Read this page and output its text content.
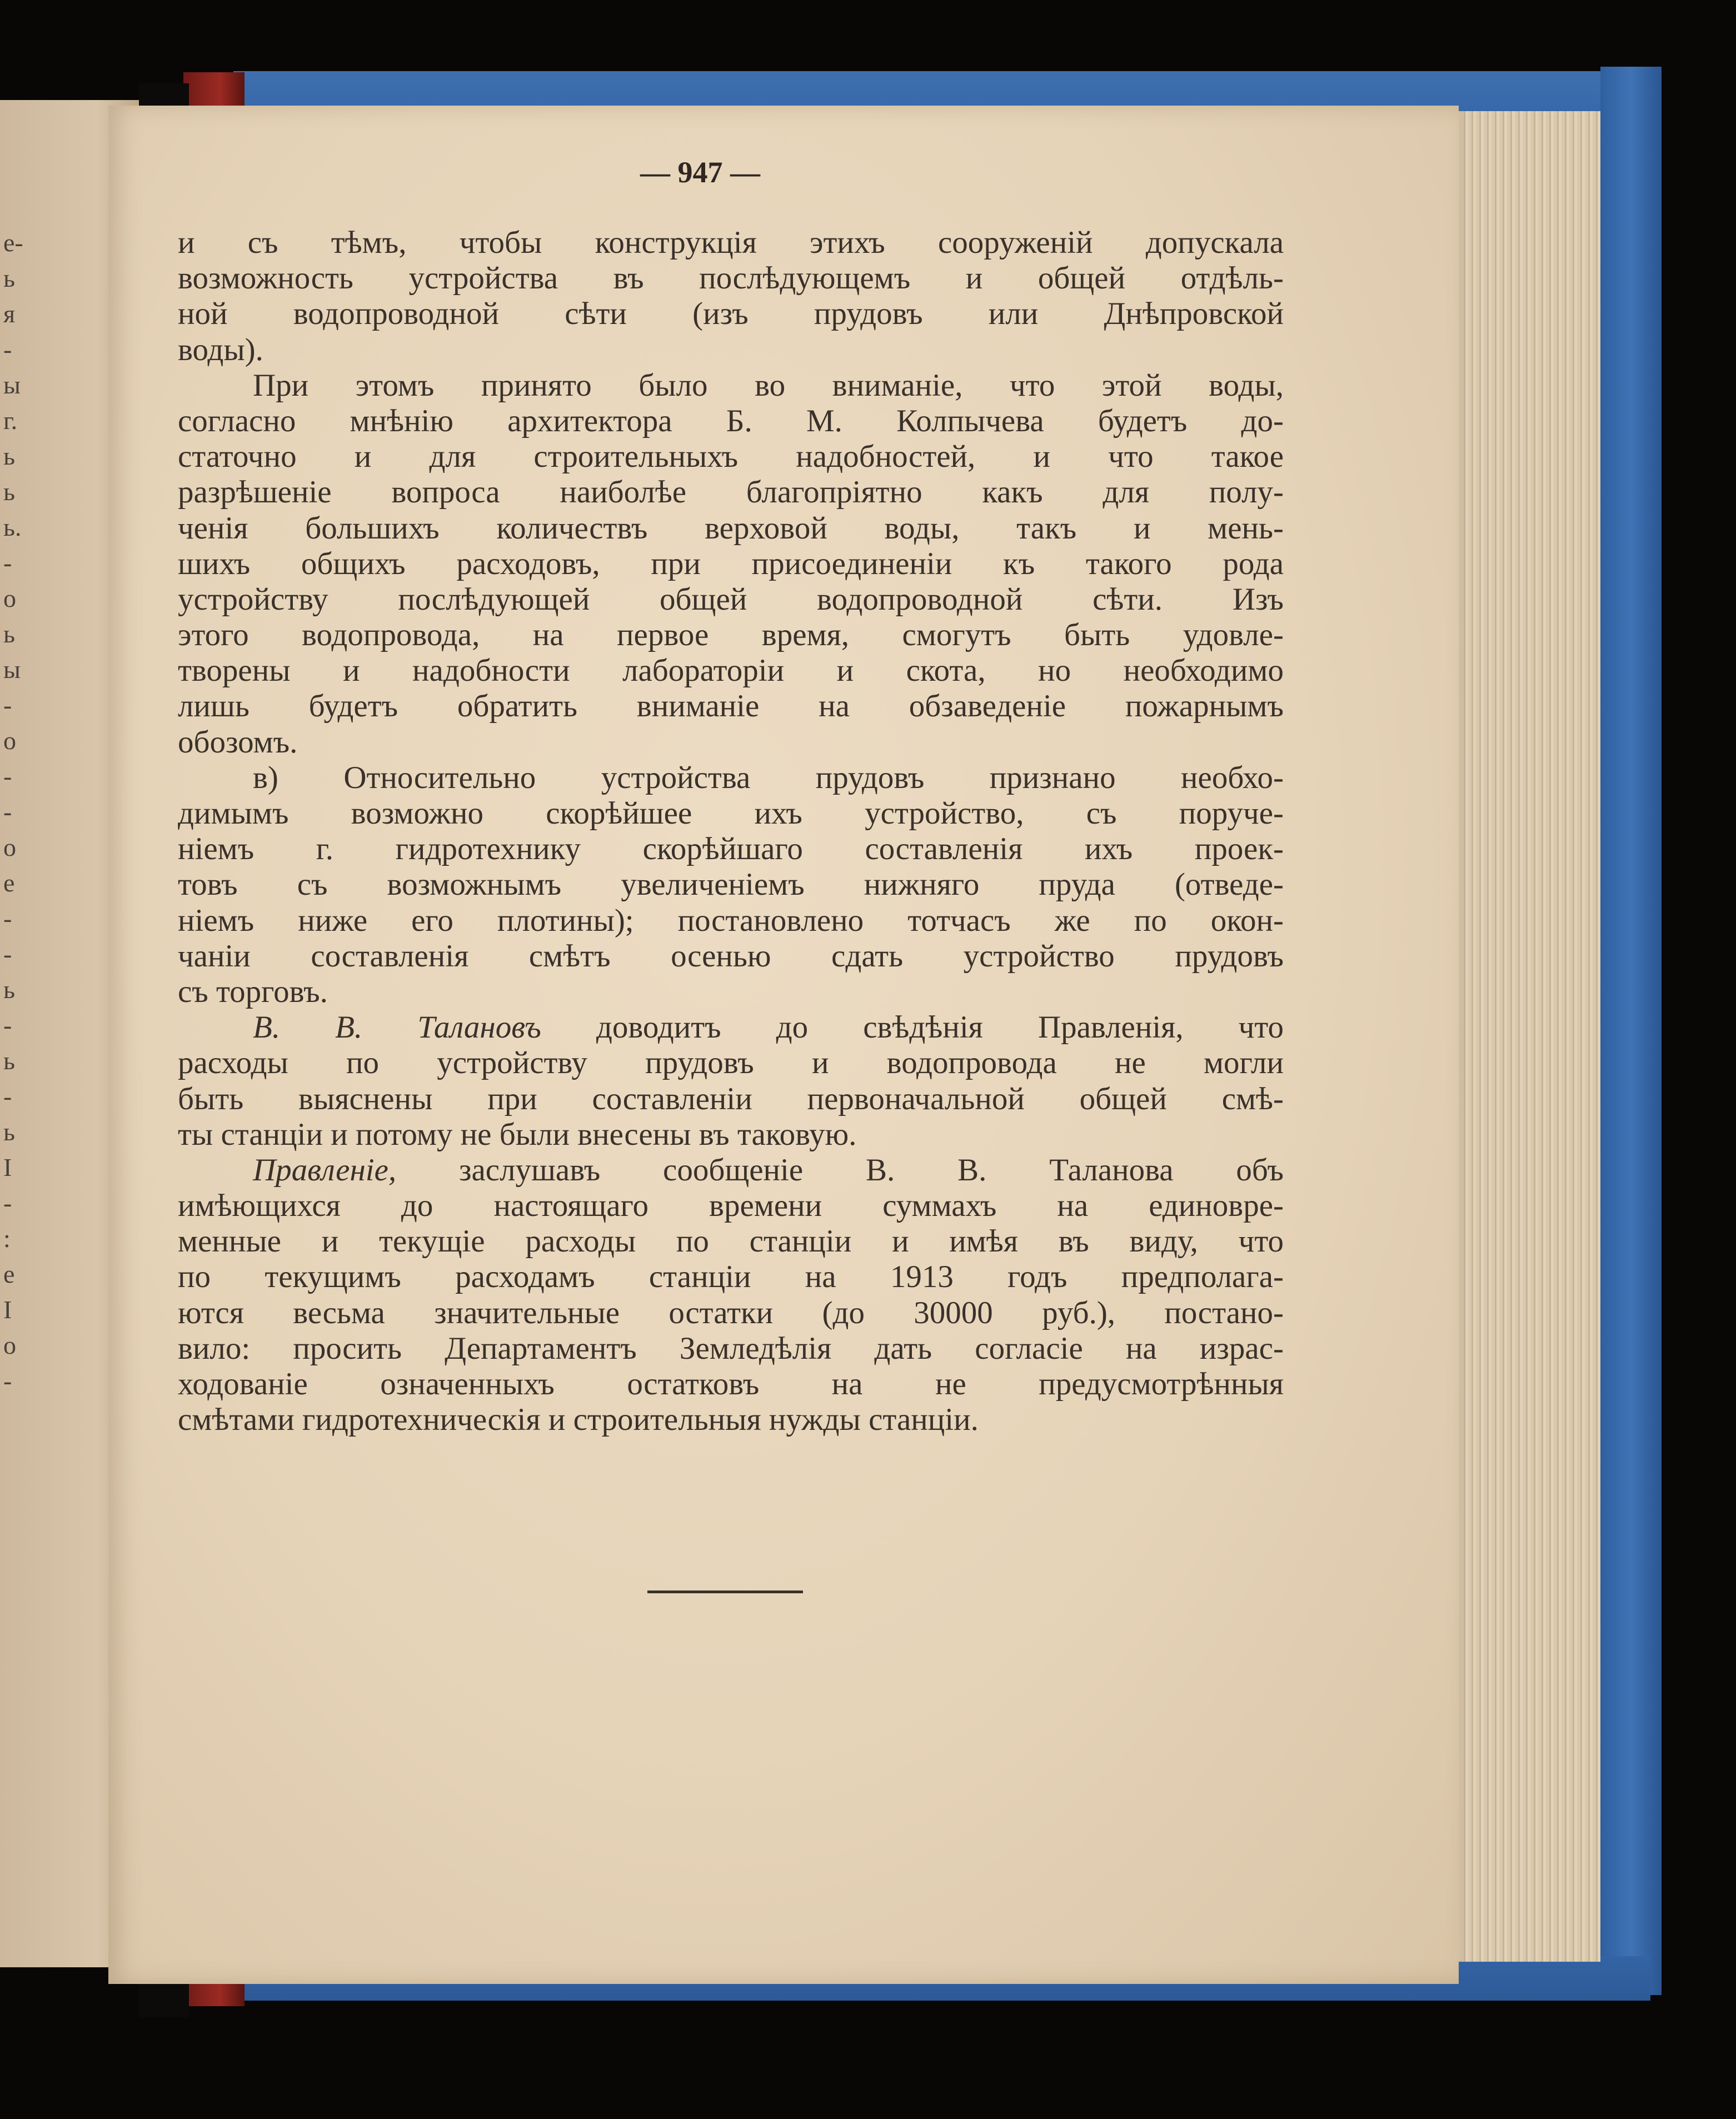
е-
ь
я
-
ы
г.
ь
ь
ь.
-
о
ь
ы
-
о
-
-
о
е
-
-
ь
-
ь
-
ь
I
-
:
е
I
о
-
— 947 —
и съ тѣмъ, чтобы конструкція этихъ сооруженій допускала
возможность устройства въ послѣдующемъ и общей отдѣль-
ной водопроводной сѣти (изъ прудовъ или Днѣпровской
воды).
При этомъ принято было во вниманіе, что этой воды,
согласно мнѣнію архитектора Б. М. Колпычева будетъ до-
статочно и для строительныхъ надобностей, и что такое
разрѣшеніе вопроса наиболѣе благопріятно какъ для полу-
ченія большихъ количествъ верховой воды, такъ и мень-
шихъ общихъ расходовъ, при присоединеніи къ такого рода
устройству послѣдующей общей водопроводной сѣти. Изъ
этого водопровода, на первое время, смогутъ быть удовле-
творены и надобности лабораторіи и скота, но необходимо
лишь будетъ обратить вниманіе на обзаведеніе пожарнымъ
обозомъ.
в) Относительно устройства прудовъ признано необхо-
димымъ возможно скорѣйшее ихъ устройство, съ поруче-
ніемъ г. гидротехнику скорѣйшаго составленія ихъ проек-
товъ съ возможнымъ увеличеніемъ нижняго пруда (отведе-
ніемъ ниже его плотины); постановлено тотчасъ же по окон-
чаніи составленія смѣтъ осенью сдать устройство прудовъ
съ торговъ.
В. В. Талановъ доводитъ до свѣдѣнія Правленія, что
расходы по устройству прудовъ и водопровода не могли
быть выяснены при составленіи первоначальной общей смѣ-
ты станціи и потому не были внесены въ таковую.
Правленіе, заслушавъ сообщеніе В. В. Таланова объ
имѣющихся до настоящаго времени суммахъ на единовре-
менные и текущіе расходы по станціи и имѣя въ виду, что
по текущимъ расходамъ станціи на 1913 годъ предполага-
ются весьма значительные остатки (до 30000 руб.), постано-
вило: просить Департаментъ Земледѣлія дать согласіе на израс-
ходованіе означенныхъ остатковъ на не предусмотрѣнныя
смѣтами гидротехническія и строительныя нужды станціи.
